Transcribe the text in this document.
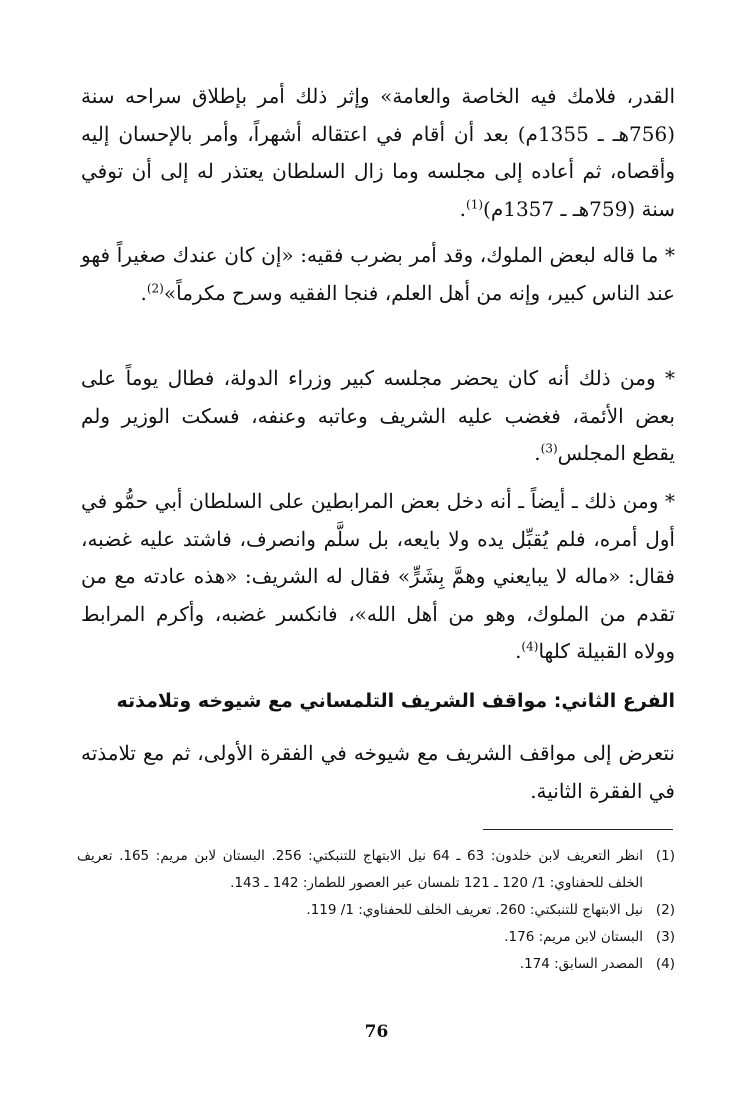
القدر، فلامك فيه الخاصة والعامة» وإثر ذلك أمر بإطلاق سراحه سنة (756هـ ـ 1355م) بعد أن أقام في اعتقاله أشهراً، وأمر بالإحسان إليه وأقصاه، ثم أعاده إلى مجلسه وما زال السلطان يعتذر له إلى أن توفي سنة (759هـ ـ 1357م)$^{(1)}$.
* ما قاله لبعض الملوك، وقد أمر بضرب فقيه: «إن كان عندك صغيراً فهو عند الناس كبير، وإنه من أهل العلم، فنجا الفقيه وسرح مكرماً»$^{(2)}$.
* ومن ذلك أنه كان يحضر مجلسه كبير وزراء الدولة، فطال يوماً على بعض الأئمة، فغضب عليه الشريف وعاتبه وعنفه، فسكت الوزير ولم يقطع المجلس$^{(3)}$.
* ومن ذلك ـ أيضاً ـ أنه دخل بعض المرابطين على السلطان أبي حمُّو في أول أمره، فلم يُقبِّل يده ولا بايعه، بل سلَّم وانصرف، فاشتد عليه غضبه، فقال: «ماله لا يبايعني وهمَّ بِشَرٍّ» فقال له الشريف: «هذه عادته مع من تقدم من الملوك، وهو من أهل الله»، فانكسر غضبه، وأكرم المرابط وولاه القبيلة كلها$^{(4)}$.
الفرع الثاني: مواقف الشريف التلمساني مع شيوخه وتلامذته
نتعرض إلى مواقف الشريف مع شيوخه في الفقرة الأولى، ثم مع تلامذته في الفقرة الثانية.
(1)
انظر التعريف لابن خلدون: 63 ـ 64 نيل الابتهاج للتنبكتي: 256. البستان لابن مريم: 165. تعريف الخلف للحفناوي: 1/ 120 ـ 121 تلمسان عبر العصور للطمار: 142 ـ 143.
(2)
نيل الابتهاج للتنبكتي: 260. تعريف الخلف للحفناوي: 1/ 119.
(3)
البستان لابن مريم: 176.
(4)
المصدر السابق: 174.
76
